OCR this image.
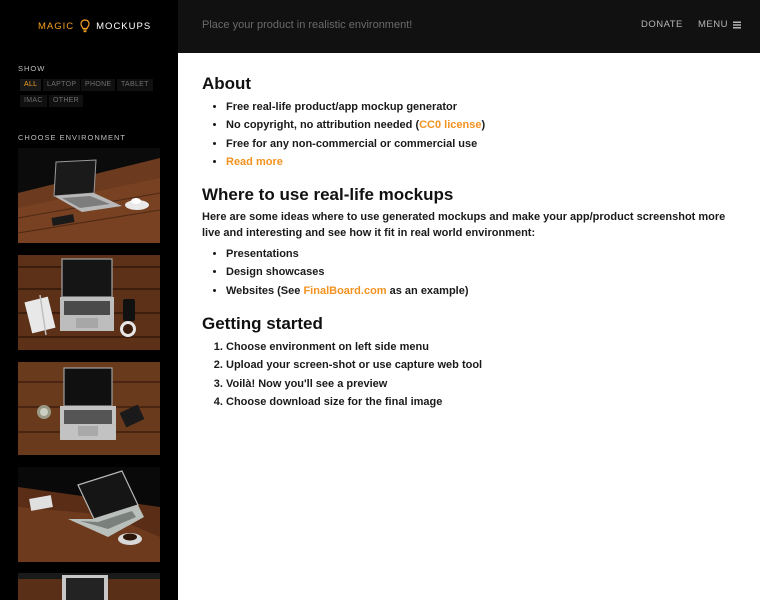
MAGIC MOCKUPS
SHOW
ALL	LAPTOP	PHONE	TABLET
IMAC	OTHER
CHOOSE ENVIRONMENT
Place your product in realistic environment!	DONATE MENU
About
• Free real-life product/app mockup generator
• No copyright, no attribution needed (CC0 license)
• Free for any non-commercial or commercial use
• Read more
Where to use real-life mockups

Here are some ideas where to use generated mockups and make your app/product screenshot more live and interesting and see how it fit in real world environment:

• Presentations
• Design showcases
• Websites (See FinalBoard.com as an example)
Getting started
1. Choose environment on left side menu
2. Upload your screen-shot or use capture web tool
3. Voilà! Now you'll see a preview
4. Choose download size for the final image
